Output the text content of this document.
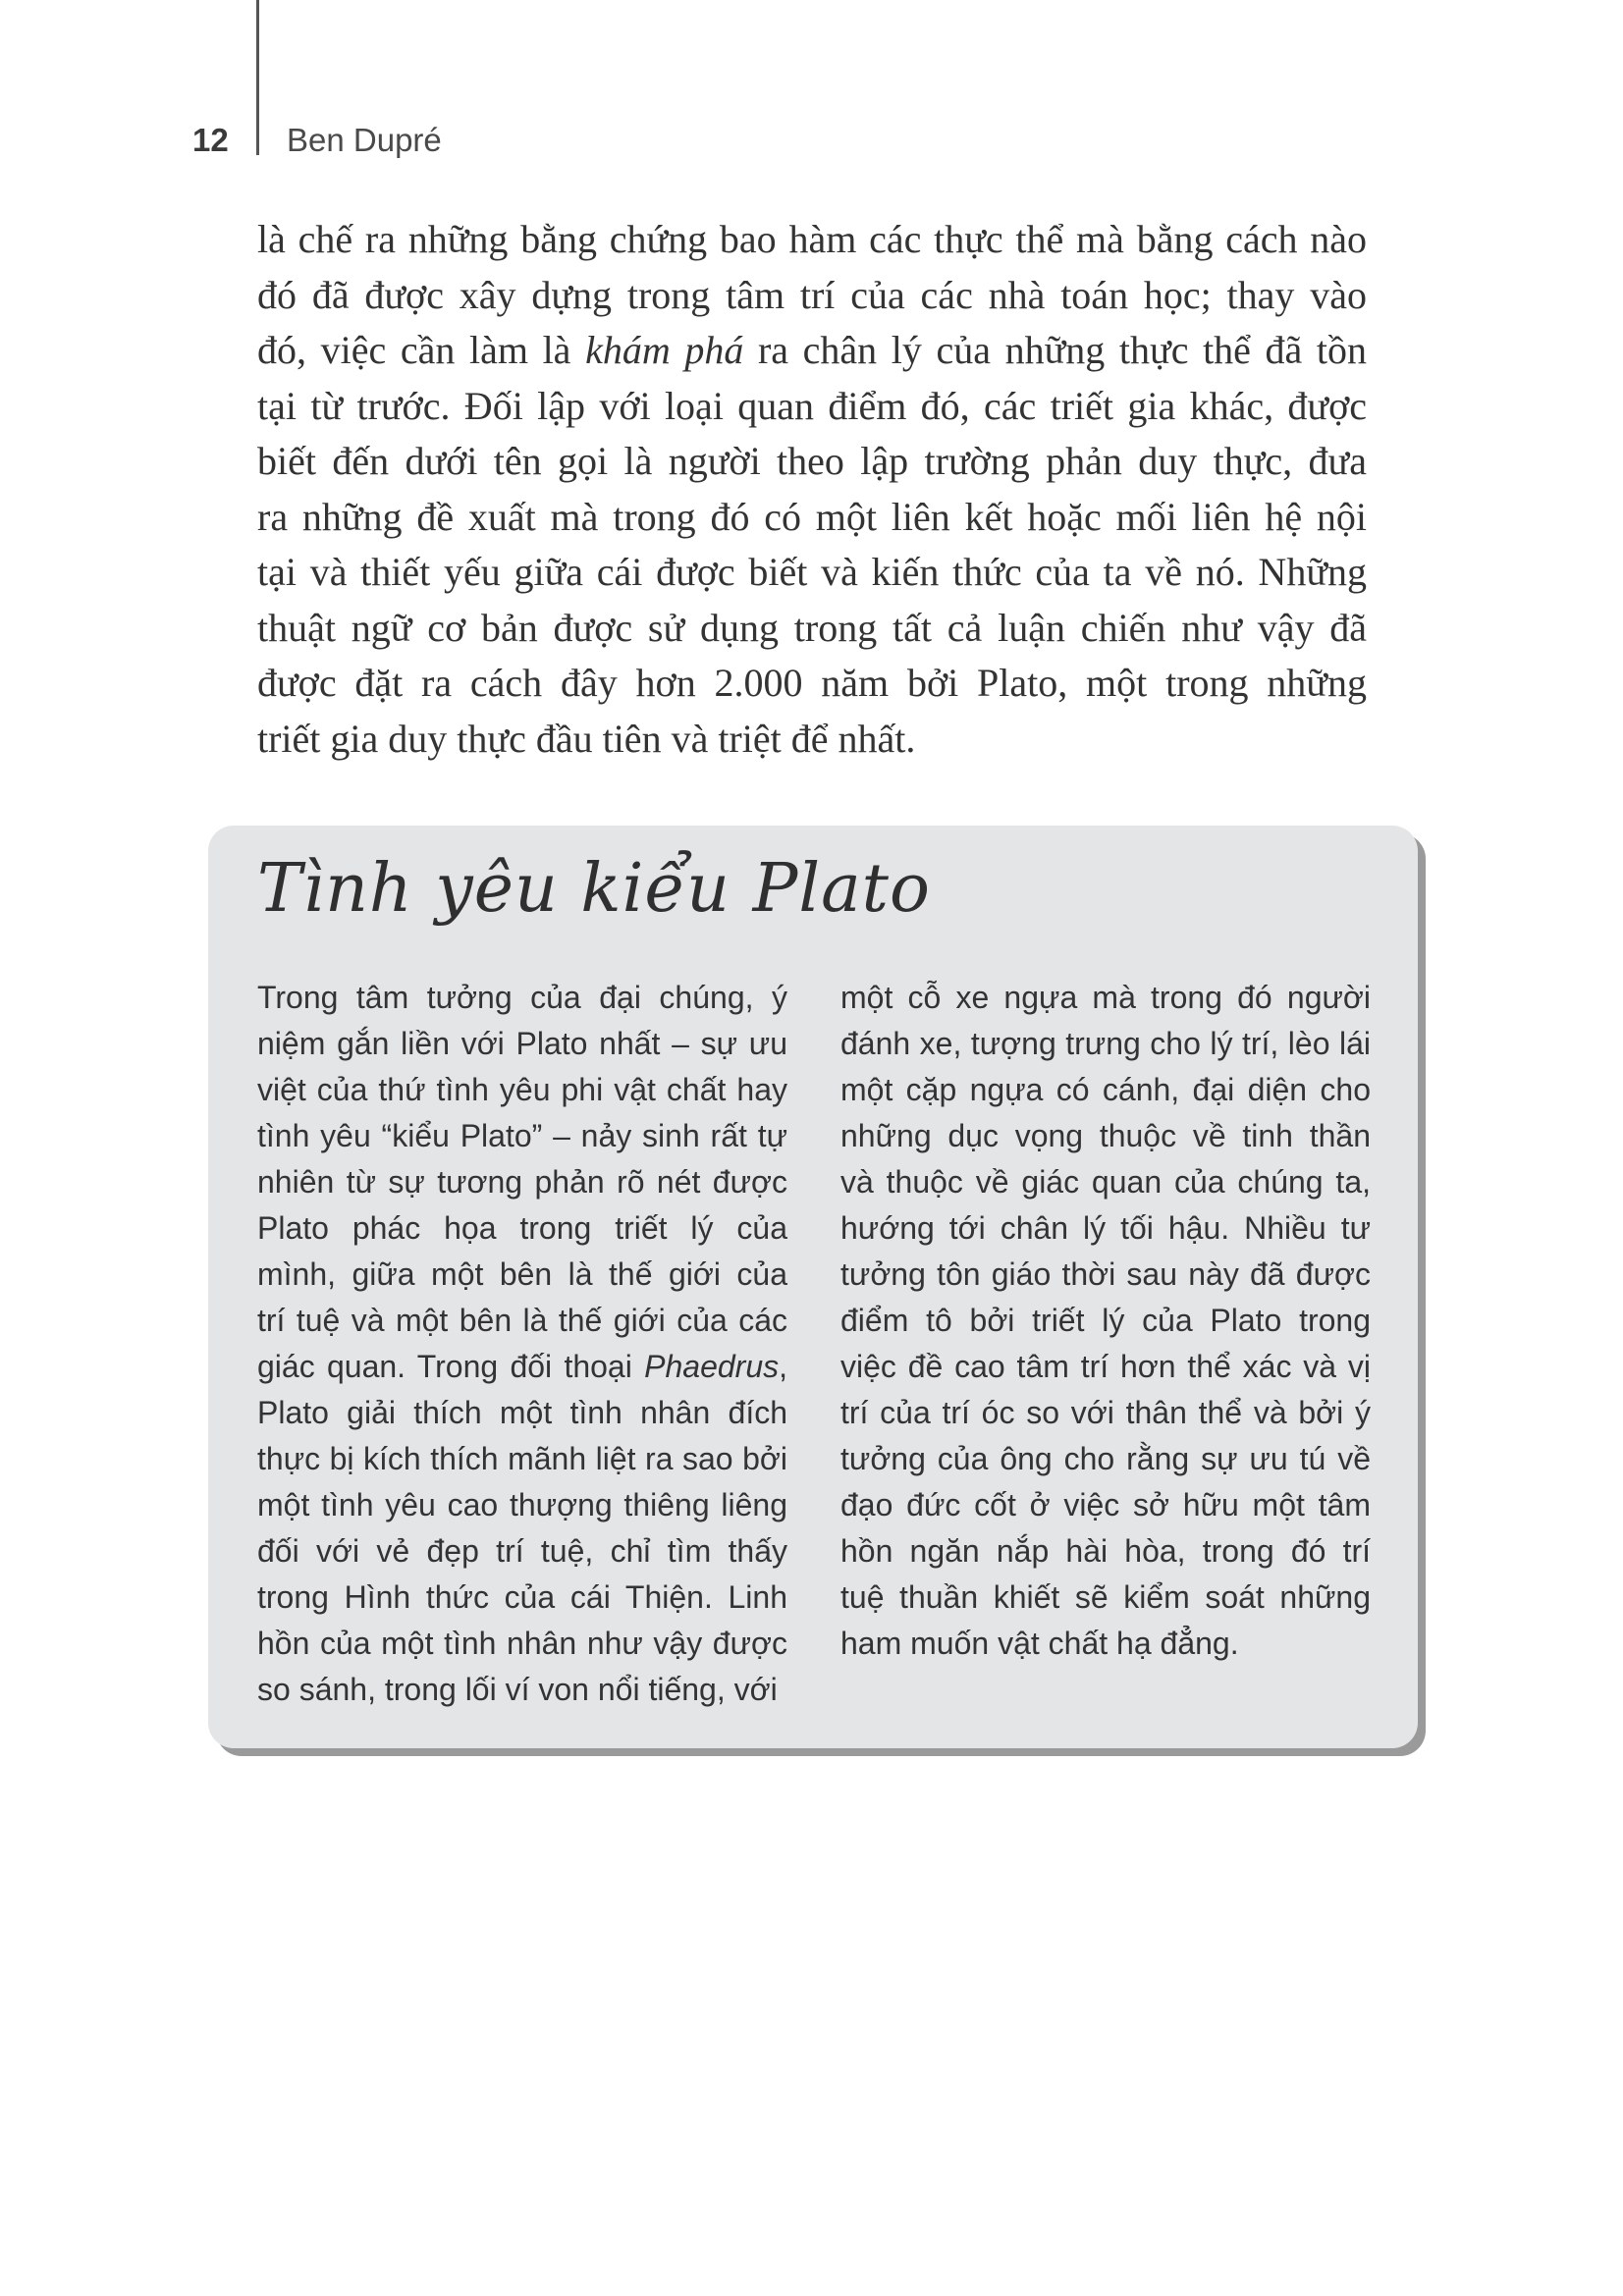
12 Ben Dupré
là chế ra những bằng chứng bao hàm các thực thể mà bằng cách nào
đó đã được xây dựng trong tâm trí của các nhà toán học; thay vào
đó, việc cần làm là khám phá ra chân lý của những thực thể đã tồn
tại từ trước. Đối lập với loại quan điểm đó, các triết gia khác, được
biết đến dưới tên gọi là người theo lập trường phản duy thực, đưa
ra những đề xuất mà trong đó có một liên kết hoặc mối liên hệ nội
tại và thiết yếu giữa cái được biết và kiến thức của ta về nó. Những
thuật ngữ cơ bản được sử dụng trong tất cả luận chiến như vậy đã
được đặt ra cách đây hơn 2.000 năm bởi Plato, một trong những
triết gia duy thực đầu tiên và triệt để nhất.
Tình yêu kiểu Plato
Trong tâm tưởng của đại chúng, ý
niệm gắn liền với Plato nhất – sự ưu
việt của thứ tình yêu phi vật chất hay
tình yêu “kiểu Plato” – nảy sinh rất tự
nhiên từ sự tương phản rõ nét được
Plato phác họa trong triết lý của
mình, giữa một bên là thế giới của
trí tuệ và một bên là thế giới của các
giác quan. Trong đối thoại Phaedrus,
Plato giải thích một tình nhân đích
thực bị kích thích mãnh liệt ra sao bởi
một tình yêu cao thượng thiêng liêng
đối với vẻ đẹp trí tuệ, chỉ tìm thấy
trong Hình thức của cái Thiện. Linh
hồn của một tình nhân như vậy được
so sánh, trong lối ví von nổi tiếng, với
một cỗ xe ngựa mà trong đó người
đánh xe, tượng trưng cho lý trí, lèo lái
một cặp ngựa có cánh, đại diện cho
những dục vọng thuộc về tinh thần
và thuộc về giác quan của chúng ta,
hướng tới chân lý tối hậu. Nhiều tư
tưởng tôn giáo thời sau này đã được
điểm tô bởi triết lý của Plato trong
việc đề cao tâm trí hơn thể xác và vị
trí của trí óc so với thân thể và bởi ý
tưởng của ông cho rằng sự ưu tú về
đạo đức cốt ở việc sở hữu một tâm
hồn ngăn nắp hài hòa, trong đó trí
tuệ thuần khiết sẽ kiểm soát những
ham muốn vật chất hạ đẳng.
